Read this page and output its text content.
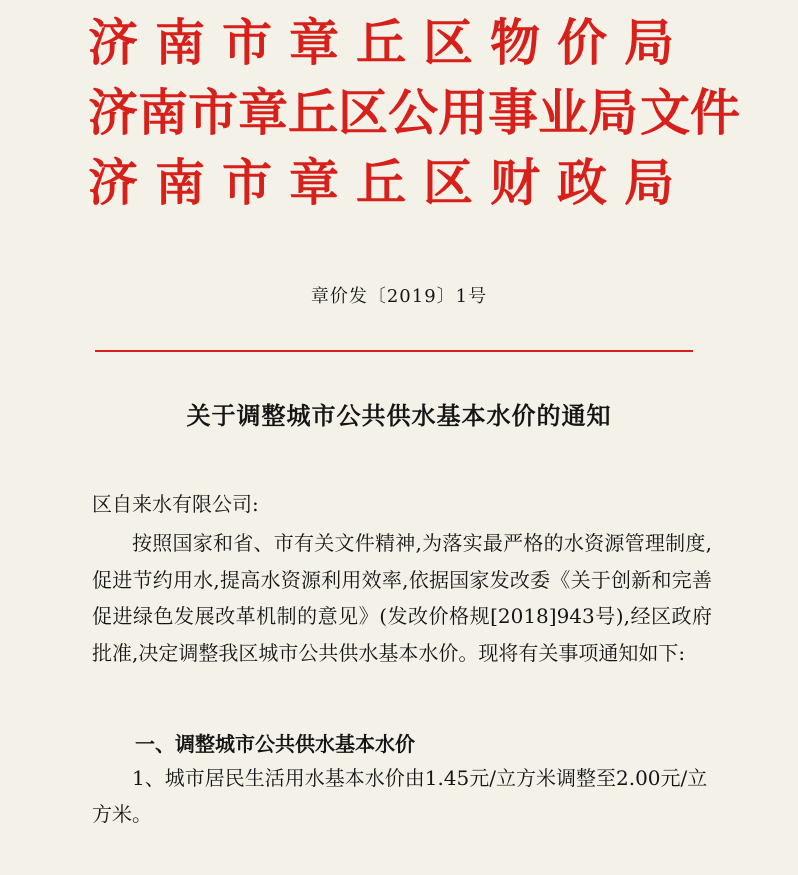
济南市章丘区物价局
济南市章丘区公用事业局 文件
济南市章丘区财政局
章价发〔2019〕1号
关于调整城市公共供水基本水价的通知
区自来水有限公司:

按照国家和省、市有关文件精神,为落实最严格的水资源管理制度,促进节约用水,提高水资源利用效率,依据国家发改委《关于创新和完善促进绿色发展改革机制的意见》(发改价格规[2018]943号),经区政府批准,决定调整我区城市公共供水基本水价。现将有关事项通知如下:

一、调整城市公共供水基本水价
1、城市居民生活用水基本水价由1.45元/立方米调整至2.00元/立方米。
